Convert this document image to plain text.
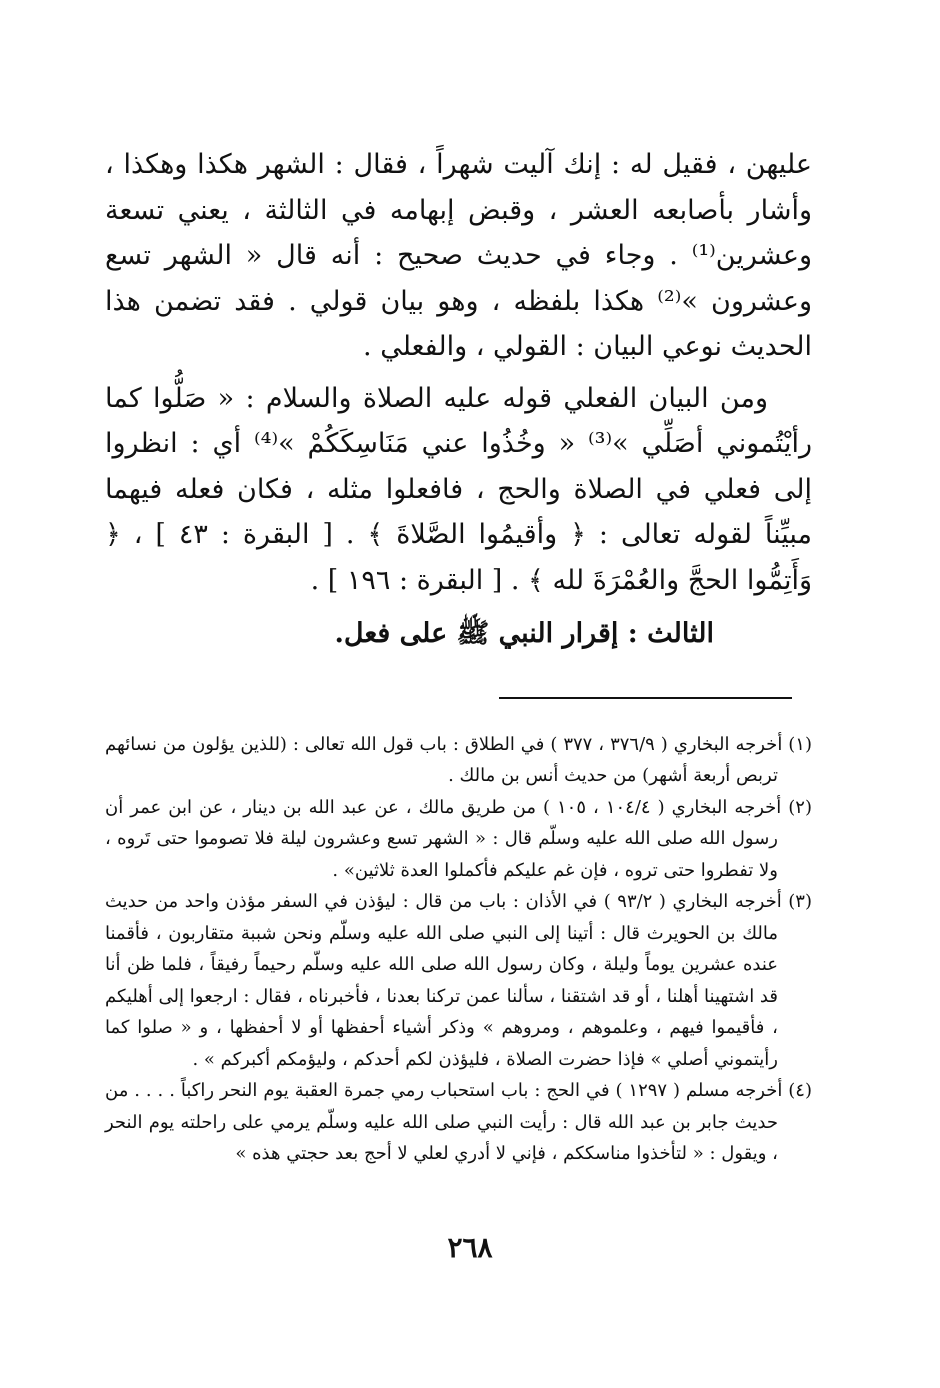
عليهن ، فقيل له : إنك آليت شهراً ، فقال : الشهر هكذا وهكذا ، وأشار بأصابعه العشر ، وقبض إبهامه في الثالثة ، يعني تسعة وعشرين⁽¹⁾ . وجاء في حديث صحيح : أنه قال « الشهر تسع وعشرون »⁽²⁾ هكذا بلفظه ، وهو بيان قولي . فقد تضمن هذا الحديث نوعي البيان : القولي ، والفعلي .

ومن البيان الفعلي قوله عليه الصلاة والسلام : « صَلُّوا كما رأيْتُموني أصَلِّي »⁽³⁾ « وخُذُوا عني مَنَاسِكَكُمْ »⁽⁴⁾ أي : انظروا إلى فعلي في الصلاة والحج ، فافعلوا مثله ، فكان فعله فيهما مبيِّناً لقوله تعالى : ﴿ وأقيمُوا الصَّلاةَ ﴾ . [ البقرة : ٤٣ ] ، ﴿ وَأَتِمُّوا الحجَّ والعُمْرَةَ لله ﴾ . [ البقرة : ١٩٦ ] .

الثالث : إقرار النبي ﷺ على فعل.

(١) أخرجه البخاري ( ٣٧٦/٩ ، ٣٧٧ ) في الطلاق : باب قول الله تعالى : (للذين يؤلون من نسائهم تربص أربعة أشهر) من حديث أنس بن مالك .

(٢) أخرجه البخاري ( ١٠٤/٤ ، ١٠٥ ) من طريق مالك ، عن عبد الله بن دينار ، عن ابن عمر أن رسول الله صلى الله عليه وسلّم قال : « الشهر تسع وعشرون ليلة فلا تصوموا حتى تَروه ، ولا تفطروا حتى تروه ، فإن غم عليكم فأكملوا العدة ثلاثين» .

(٣) أخرجه البخاري ( ٩٣/٢ ) في الأذان : باب من قال : ليؤذن في السفر مؤذن واحد من حديث مالك بن الحويرث قال : أتينا إلى النبي صلى الله عليه وسلّم ونحن شببة متقاربون ، فأقمنا عنده عشرين يوماً وليلة ، وكان رسول الله صلى الله عليه وسلّم رحيماً رفيقاً ، فلما ظن أنا قد اشتهينا أهلنا ، أو قد اشتقنا ، سألنا عمن تركنا بعدنا ، فأخبرناه ، فقال : ارجعوا إلى أهليكم ، فأقيموا فيهم ، وعلموهم ، ومروهم » وذكر أشياء أحفظها أو لا أحفظها ، و « صلوا كما رأيتموني أصلي » فإذا حضرت الصلاة ، فليؤذن لكم أحدكم ، وليؤمكم أكبركم » .

(٤) أخرجه مسلم ( ١٢٩٧ ) في الحج : باب استحباب رمي جمرة العقبة يوم النحر راكباً . . . . من حديث جابر بن عبد الله قال : رأيت النبي صلى الله عليه وسلّم يرمي على راحلته يوم النحر ، ويقول : « لتأخذوا مناسككم ، فإني لا أدري لعلي لا أحج بعد حجتي هذه »

٢٦٨
